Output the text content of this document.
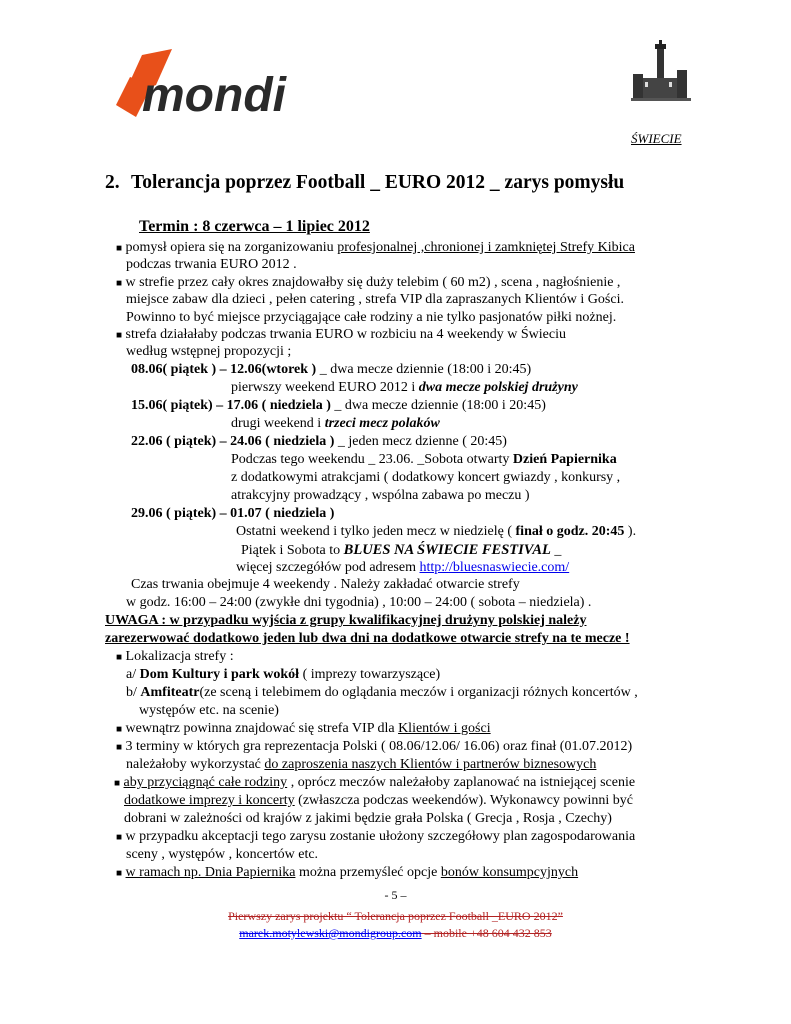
mondi
ŚWIECIE
2. Tolerancja poprzez Football _ EURO 2012 _ zarys pomysłu
Termin : 8 czerwca – 1 lipiec 2012
■ pomysł opiera się na zorganizowaniu profesjonalnej ,chronionej i zamkniętej Strefy Kibica
podczas trwania EURO 2012 .
■ w strefie przez cały okres znajdowałby się duży telebim ( 60 m2) , scena , nagłośnienie ,
miejsce zabaw dla dzieci , pełen catering , strefa VIP dla zapraszanych Klientów i Gości.
Powinno to być miejsce przyciągające całe rodziny a nie tylko pasjonatów piłki nożnej.
■ strefa działałaby podczas trwania EURO w rozbiciu na 4 weekendy w Świeciu
według wstępnej propozycji ;
08.06( piątek ) – 12.06(wtorek ) _ dwa mecze dziennie (18:00 i 20:45)
pierwszy weekend EURO 2012 i dwa mecze polskiej drużyny
15.06( piątek) – 17.06 ( niedziela ) _ dwa mecze dziennie (18:00 i 20:45)
drugi weekend i trzeci mecz polaków
22.06 ( piątek) – 24.06 ( niedziela ) _ jeden mecz dzienne ( 20:45)
Podczas tego weekendu _ 23.06. _Sobota otwarty Dzień Papiernika
z dodatkowymi atrakcjami ( dodatkowy koncert gwiazdy , konkursy ,
atrakcyjny prowadzący , wspólna zabawa po meczu )
29.06 ( piątek) – 01.07 ( niedziela )
Ostatni weekend i tylko jeden mecz w niedzielę ( finał o godz. 20:45 ).
Piątek i Sobota to BLUES NA ŚWIECIE FESTIVAL _
więcej szczegółów pod adresem http://bluesnaswiecie.com/
Czas trwania obejmuje 4 weekendy . Należy zakładać otwarcie strefy
w godz. 16:00 – 24:00 (zwykłe dni tygodnia) , 10:00 – 24:00 ( sobota – niedziela) .
UWAGA : w przypadku wyjścia z grupy kwalifikacyjnej drużyny polskiej należy
zarezerwować dodatkowo jeden lub dwa dni na dodatkowe otwarcie strefy na te mecze !
■ Lokalizacja strefy :
a/ Dom Kultury i park wokół ( imprezy towarzyszące)
b/ Amfiteatr(ze sceną i telebimem do oglądania meczów i organizacji różnych koncertów ,
występów etc. na scenie)
■ wewnątrz powinna znajdować się strefa VIP dla Klientów i gości
■ 3 terminy w których gra reprezentacja Polski ( 08.06/12.06/ 16.06) oraz finał (01.07.2012)
należałoby wykorzystać do zaproszenia naszych Klientów i partnerów biznesowych
■ aby przyciągnąć całe rodziny , oprócz meczów należałoby zaplanować na istniejącej scenie
dodatkowe imprezy i koncerty (zwłaszcza podczas weekendów). Wykonawcy powinni być
dobrani w zależności od krajów z jakimi będzie grała Polska ( Grecja , Rosja , Czechy)
■ w przypadku akceptacji tego zarysu zostanie ułożony szczegółowy plan zagospodarowania
sceny , występów , koncertów etc.
■ w ramach np. Dnia Papiernika można przemyśleć opcje bonów konsumpcyjnych
- 5 –
Pierwszy zarys projektu “ Tolerancja poprzez Football _EURO 2012”
marek.motylewski@mondigroup.com – mobile +48 604 432 853
